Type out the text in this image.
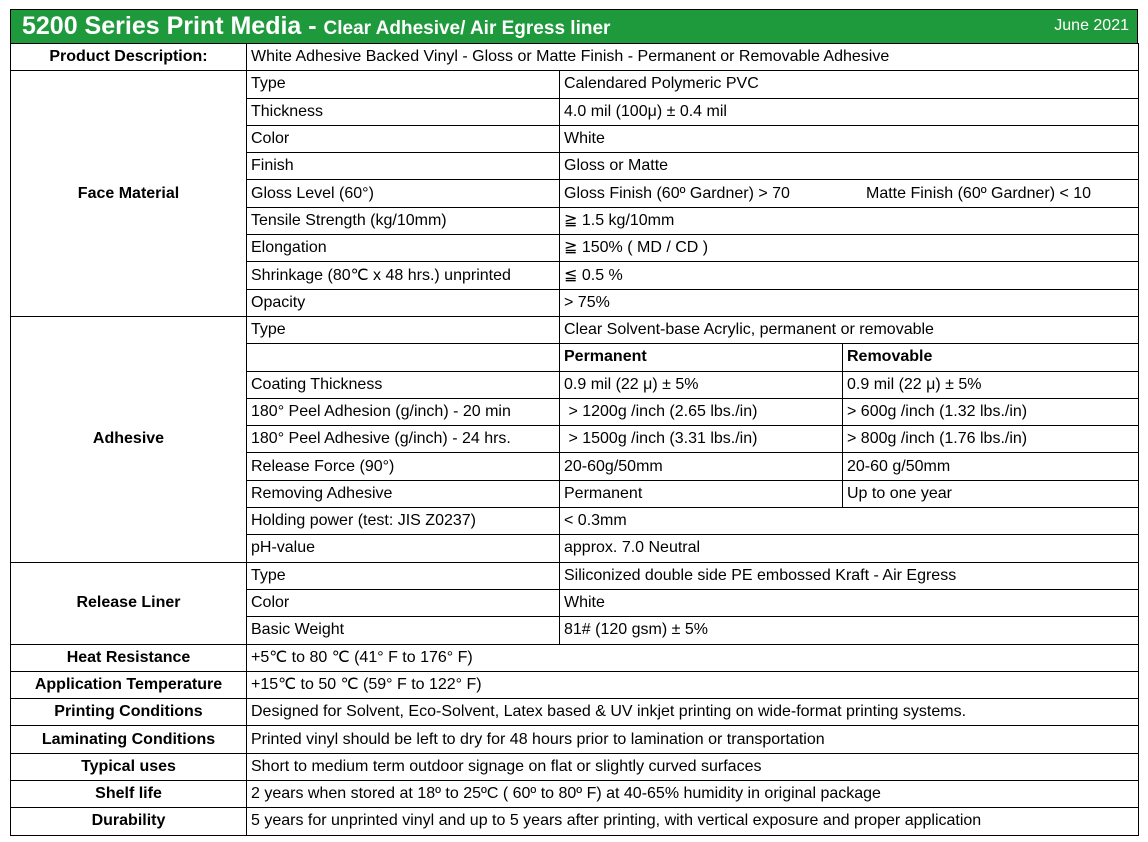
5200 Series Print Media - Clear Adhesive/ Air Egress liner	June 2021
Product Description:	White Adhesive Backed Vinyl - Gloss or Matte Finish - Permanent or Removable Adhesive		
Face Material	Type	Calendared Polymeric PVC	
	Thickness	4.0 mil (100μ) ± 0.4 mil	
	Color	White	
	Finish	Gloss or Matte	
	Gloss Level (60°)	Gloss Finish (60º Gardner) > 70 Matte Finish (60º Gardner) < 10	

	Tensile Strength (kg/10mm)	≧ 1.5 kg/10mm	
	Elongation	≧ 150% ( MD / CD )	
	Shrinkage (80℃ x 48 hrs.) unprinted	≦ 0.5 %	
	Opacity	> 75%	
Adhesive	Type	Clear Solvent-base Acrylic, permanent or removable	
		Permanent	Removable
	Coating Thickness	0.9 mil (22 μ) ± 5%	0.9 mil (22 μ) ± 5%
	180° Peel Adhesion (g/inch) - 20 min	> 1200g /inch (2.65 lbs./in)	> 600g /inch (1.32 lbs./in)
	180° Peel Adhesive (g/inch) - 24 hrs.	> 1500g /inch (3.31 lbs./in)	> 800g /inch (1.76 lbs./in)
	Release Force (90°)	20-60g/50mm	20-60 g/50mm
	Removing Adhesive	Permanent	Up to one year
	Holding power (test: JIS Z0237)	< 0.3mm	
	pH-value	approx. 7.0 Neutral	
Release Liner	Type	Siliconized double side PE embossed Kraft - Air Egress	
	Color	White	
	Basic Weight	81# (120 gsm) ± 5%	
Heat Resistance	+5℃ to 80 ℃ (41° F to 176° F)		
Application Temperature	+15℃ to 50 ℃ (59° F to 122° F)		
Printing Conditions	Designed for Solvent, Eco-Solvent, Latex based & UV inkjet printing on wide-format printing systems.		
Laminating Conditions	Printed vinyl should be left to dry for 48 hours prior to lamination or transportation		
Typical uses	Short to medium term outdoor signage on flat or slightly curved surfaces		
Shelf life	2 years when stored at 18º to 25ºC ( 60º to 80º F) at 40-65% humidity in original package		
Durability	5 years for unprinted vinyl and up to 5 years after printing, with vertical exposure and proper application		
